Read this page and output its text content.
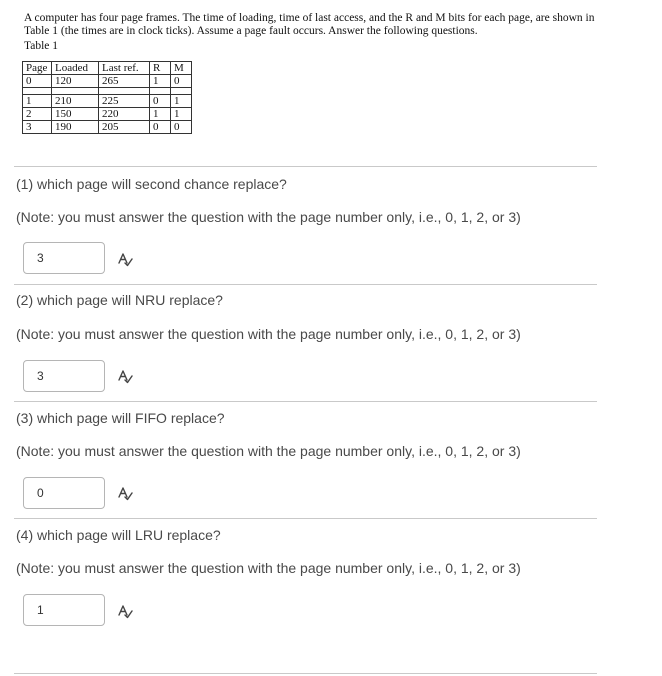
A computer has four page frames. The time of loading, time of last access, and the R and M bits for each page, are shown in Table 1 (the times are in clock ticks). Assume a page fault occurs. Answer the following questions.

Table 1
Page	Loaded	Last ref.	R	M
0	120	265	1	0

1	210	225	0	1
2	150	220	1	1
3	190	205	0	0

(1) which page will second chance replace?

(Note: you must answer the question with the page number only, i.e., 0, 1, 2, or 3)

3

(2) which page will NRU replace?

(Note: you must answer the question with the page number only, i.e., 0, 1, 2, or 3)

3

(3) which page will FIFO replace?

(Note: you must answer the question with the page number only, i.e., 0, 1, 2, or 3)

0

(4) which page will LRU replace?

(Note: you must answer the question with the page number only, i.e., 0, 1, 2, or 3)

1
